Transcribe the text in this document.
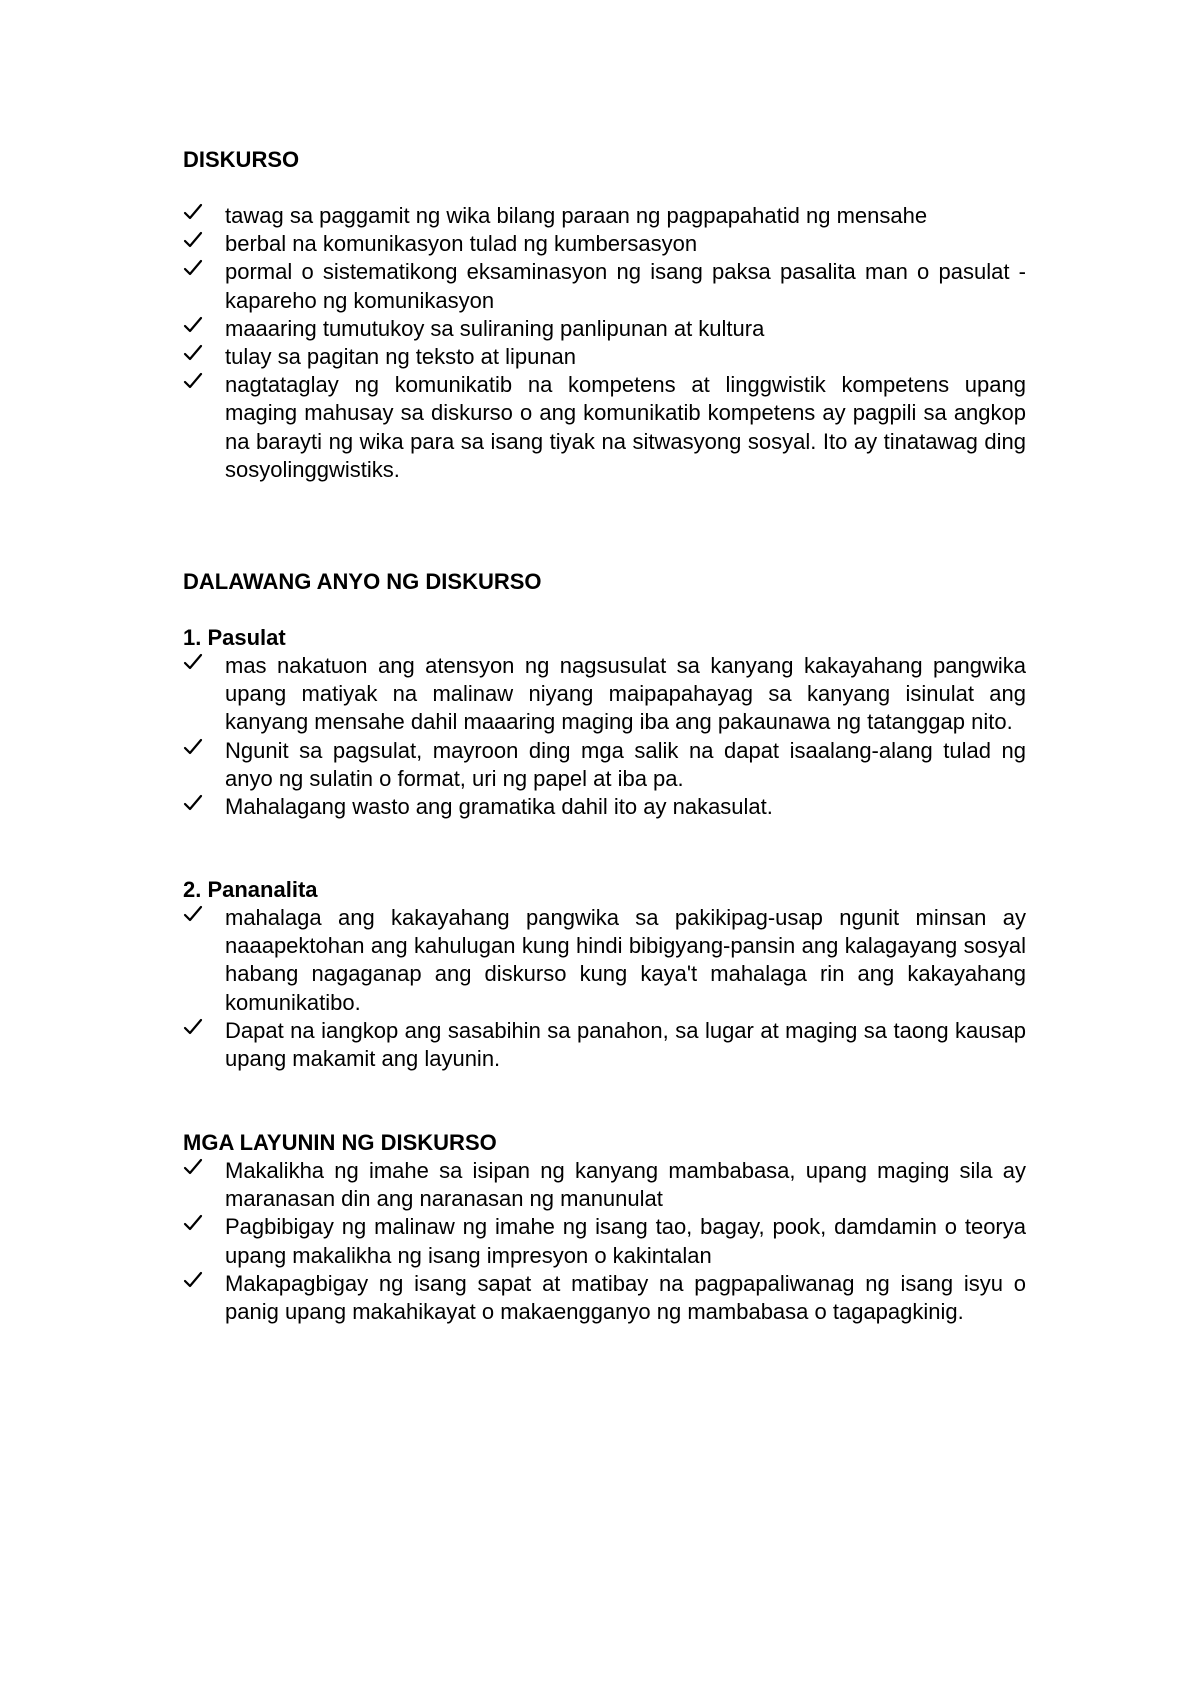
DISKURSO
tawag sa paggamit ng wika bilang paraan ng pagpapahatid ng mensahe
berbal na komunikasyon tulad ng kumbersasyon
pormal o sistematikong eksaminasyon ng isang paksa pasalita man o pasulat -kapareho ng komunikasyon
maaaring tumutukoy sa suliraning panlipunan at kultura
tulay sa pagitan ng teksto at lipunan
nagtataglay ng komunikatib na kompetens at linggwistik kompetens upang maging mahusay sa diskurso o ang komunikatib kompetens ay pagpili sa angkop na barayti ng wika para sa isang tiyak na sitwasyong sosyal. Ito ay tinatawag ding sosyolinggwistiks.
DALAWANG ANYO NG DISKURSO
1. Pasulat
mas nakatuon ang atensyon ng nagsusulat sa kanyang kakayahang pangwika upang matiyak na malinaw niyang maipapahayag sa kanyang isinulat ang kanyang mensahe dahil maaaring maging iba ang pakaunawa ng tatanggap nito.
Ngunit sa pagsulat, mayroon ding mga salik na dapat isaalang-alang tulad ng anyo ng sulatin o format, uri ng papel at iba pa.
Mahalagang wasto ang gramatika dahil ito ay nakasulat.
2. Pananalita
mahalaga ang kakayahang pangwika sa pakikipag-usap ngunit minsan ay naaapektohan ang kahulugan kung hindi bibigyang-pansin ang kalagayang sosyal habang nagaganap ang diskurso kung kaya't mahalaga rin ang kakayahang komunikatibo.
Dapat na iangkop ang sasabihin sa panahon, sa lugar at maging sa taong kausap upang makamit ang layunin.
MGA LAYUNIN NG DISKURSO
Makalikha ng imahe sa isipan ng kanyang mambabasa, upang maging sila ay maranasan din ang naranasan ng manunulat
Pagbibigay ng malinaw ng imahe ng isang tao, bagay, pook, damdamin o teorya upang makalikha ng isang impresyon o kakintalan
Makapagbigay ng isang sapat at matibay na pagpapaliwanag ng isang isyu o panig upang makahikayat o makaengganyo ng mambabasa o tagapagkinig.
